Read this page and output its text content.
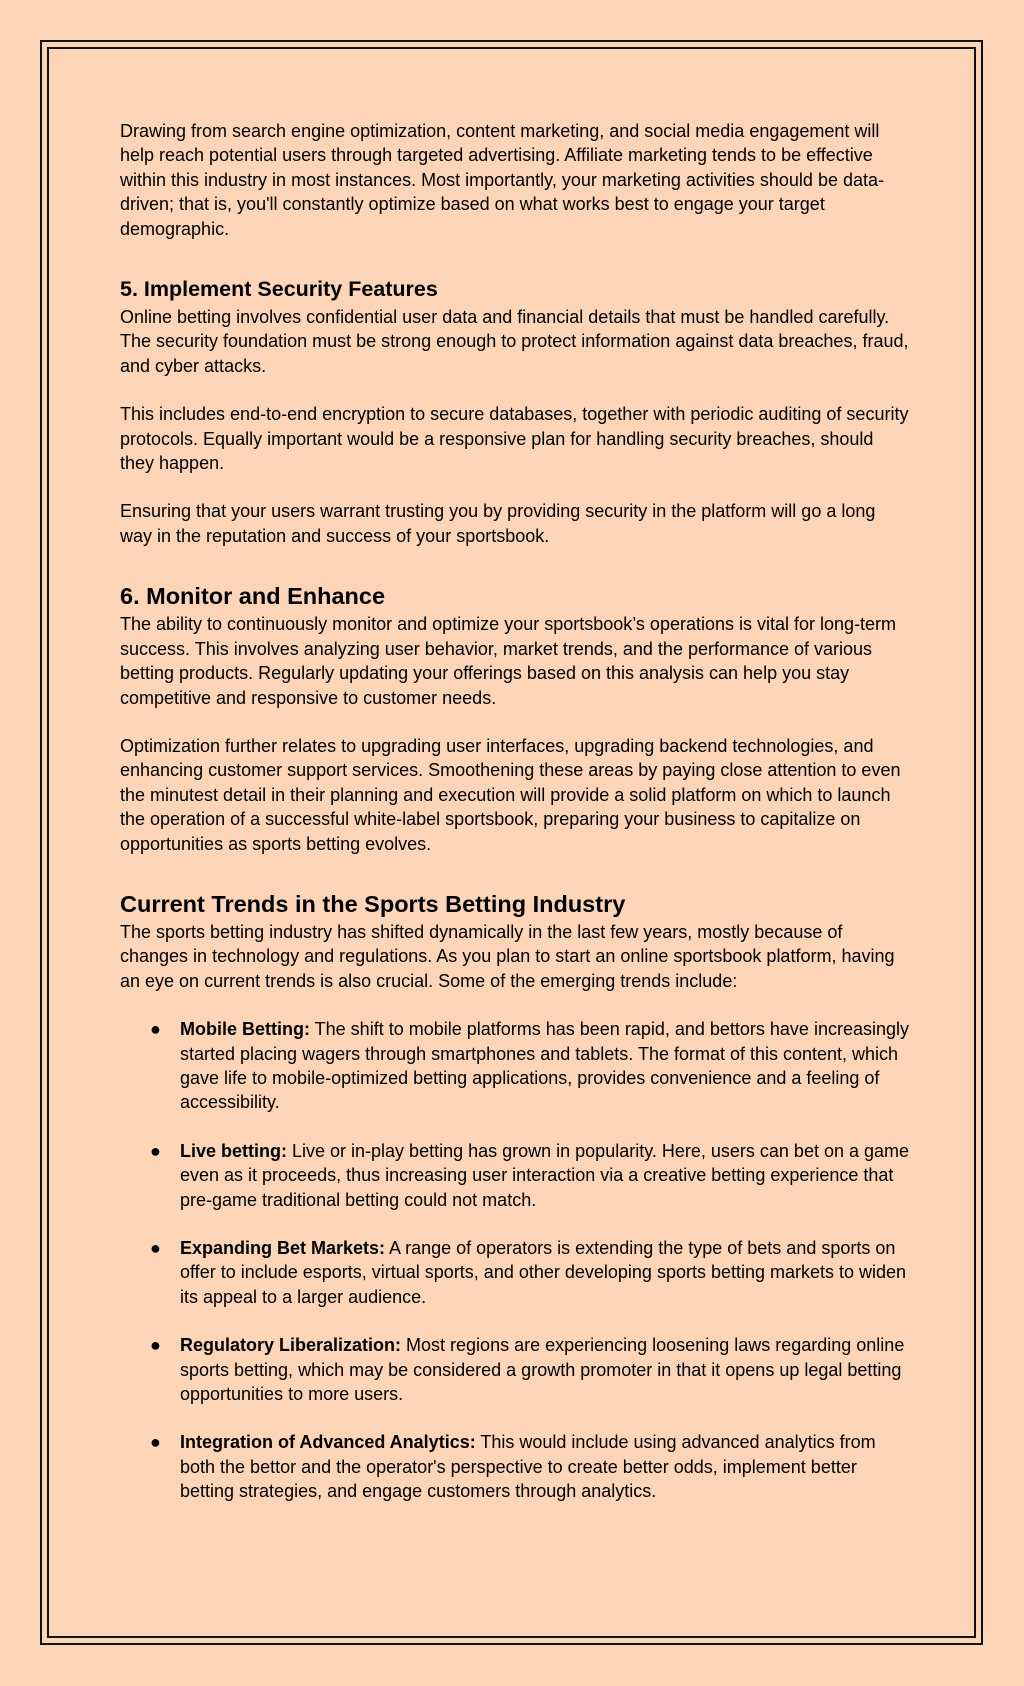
Drawing from search engine optimization, content marketing, and social media engagement will help reach potential users through targeted advertising. Affiliate marketing tends to be effective within this industry in most instances. Most importantly, your marketing activities should be data-driven; that is, you'll constantly optimize based on what works best to engage your target demographic.

5. Implement Security Features

Online betting involves confidential user data and financial details that must be handled carefully. The security foundation must be strong enough to protect information against data breaches, fraud, and cyber attacks.

This includes end-to-end encryption to secure databases, together with periodic auditing of security protocols. Equally important would be a responsive plan for handling security breaches, should they happen.

Ensuring that your users warrant trusting you by providing security in the platform will go a long way in the reputation and success of your sportsbook.

6. Monitor and Enhance

The ability to continuously monitor and optimize your sportsbook’s operations is vital for long-term success. This involves analyzing user behavior, market trends, and the performance of various betting products. Regularly updating your offerings based on this analysis can help you stay competitive and responsive to customer needs.

Optimization further relates to upgrading user interfaces, upgrading backend technologies, and enhancing customer support services. Smoothening these areas by paying close attention to even the minutest detail in their planning and execution will provide a solid platform on which to launch the operation of a successful white-label sportsbook, preparing your business to capitalize on opportunities as sports betting evolves.

Current Trends in the Sports Betting Industry

The sports betting industry has shifted dynamically in the last few years, mostly because of changes in technology and regulations. As you plan to start an online sportsbook platform, having an eye on current trends is also crucial. Some of the emerging trends include:

● Mobile Betting: The shift to mobile platforms has been rapid, and bettors have increasingly started placing wagers through smartphones and tablets. The format of this content, which gave life to mobile-optimized betting applications, provides convenience and a feeling of accessibility.
● Live betting: Live or in-play betting has grown in popularity. Here, users can bet on a game even as it proceeds, thus increasing user interaction via a creative betting experience that pre-game traditional betting could not match.
● Expanding Bet Markets: A range of operators is extending the type of bets and sports on offer to include esports, virtual sports, and other developing sports betting markets to widen its appeal to a larger audience.
● Regulatory Liberalization: Most regions are experiencing loosening laws regarding online sports betting, which may be considered a growth promoter in that it opens up legal betting opportunities to more users.
● Integration of Advanced Analytics: This would include using advanced analytics from both the bettor and the operator's perspective to create better odds, implement better betting strategies, and engage customers through analytics.
